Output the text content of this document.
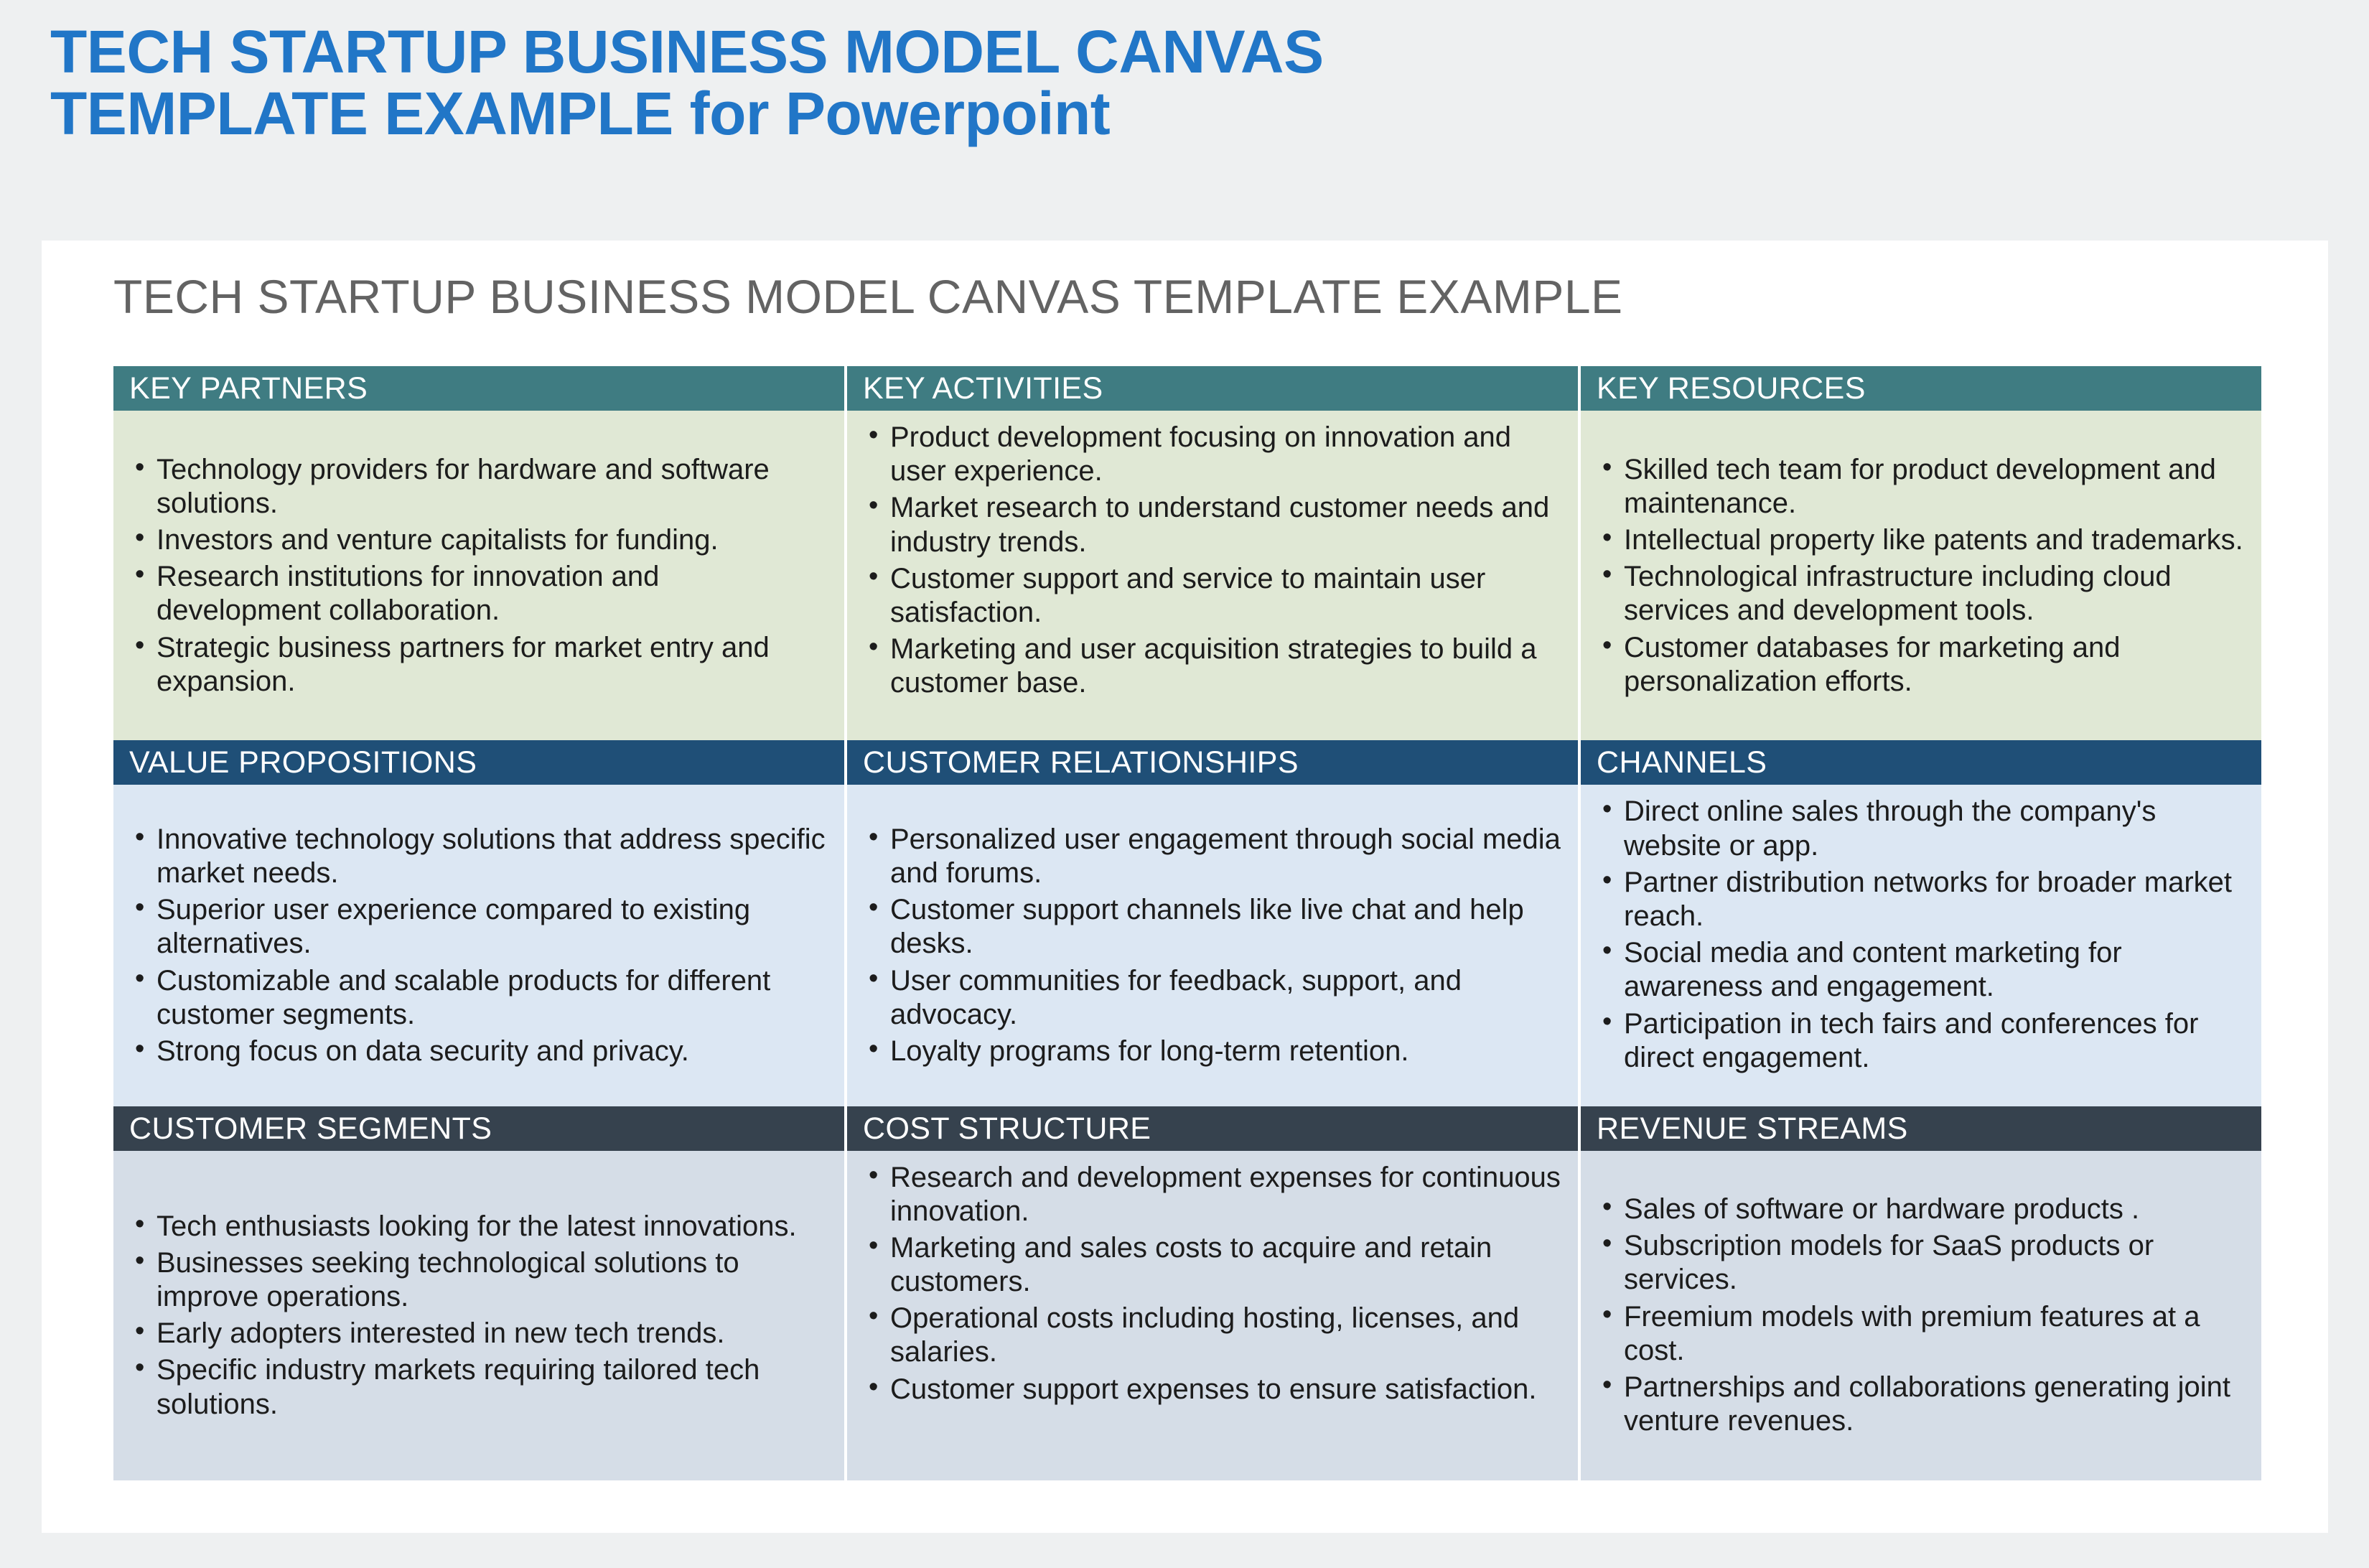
TECH STARTUP BUSINESS MODEL CANVAS
TEMPLATE EXAMPLE for Powerpoint
TECH STARTUP BUSINESS MODEL CANVAS TEMPLATE EXAMPLE
KEY PARTNERS
• Technology providers for hardware and software solutions.
• Investors and venture capitalists for funding.
• Research institutions for innovation and development collaboration.
• Strategic business partners for market entry and expansion.
KEY ACTIVITIES
• Product development focusing on innovation and user experience.
• Market research to understand customer needs and industry trends.
• Customer support and service to maintain user satisfaction.
• Marketing and user acquisition strategies to build a customer base.
KEY RESOURCES
• Skilled tech team for product development and maintenance.
• Intellectual property like patents and trademarks.
• Technological infrastructure including cloud services and development tools.
• Customer databases for marketing and personalization efforts.
VALUE PROPOSITIONS
• Innovative technology solutions that address specific market needs.
• Superior user experience compared to existing alternatives.
• Customizable and scalable products for different customer segments.
• Strong focus on data security and privacy.
CUSTOMER RELATIONSHIPS
• Personalized user engagement through social media and forums.
• Customer support channels like live chat and help desks.
• User communities for feedback, support, and advocacy.
• Loyalty programs for long-term retention.
CHANNELS
• Direct online sales through the company's website or app.
• Partner distribution networks for broader market reach.
• Social media and content marketing for awareness and engagement.
• Participation in tech fairs and conferences for direct engagement.
CUSTOMER SEGMENTS
• Tech enthusiasts looking for the latest innovations.
• Businesses seeking technological solutions to improve operations.
• Early adopters interested in new tech trends.
• Specific industry markets requiring tailored tech solutions.
COST STRUCTURE
• Research and development expenses for continuous innovation.
• Marketing and sales costs to acquire and retain customers.
• Operational costs including hosting, licenses, and salaries.
• Customer support expenses to ensure satisfaction.
REVENUE STREAMS
• Sales of software or hardware products .
• Subscription models for SaaS products or services.
• Freemium models with premium features at a cost.
• Partnerships and collaborations generating joint venture revenues.
